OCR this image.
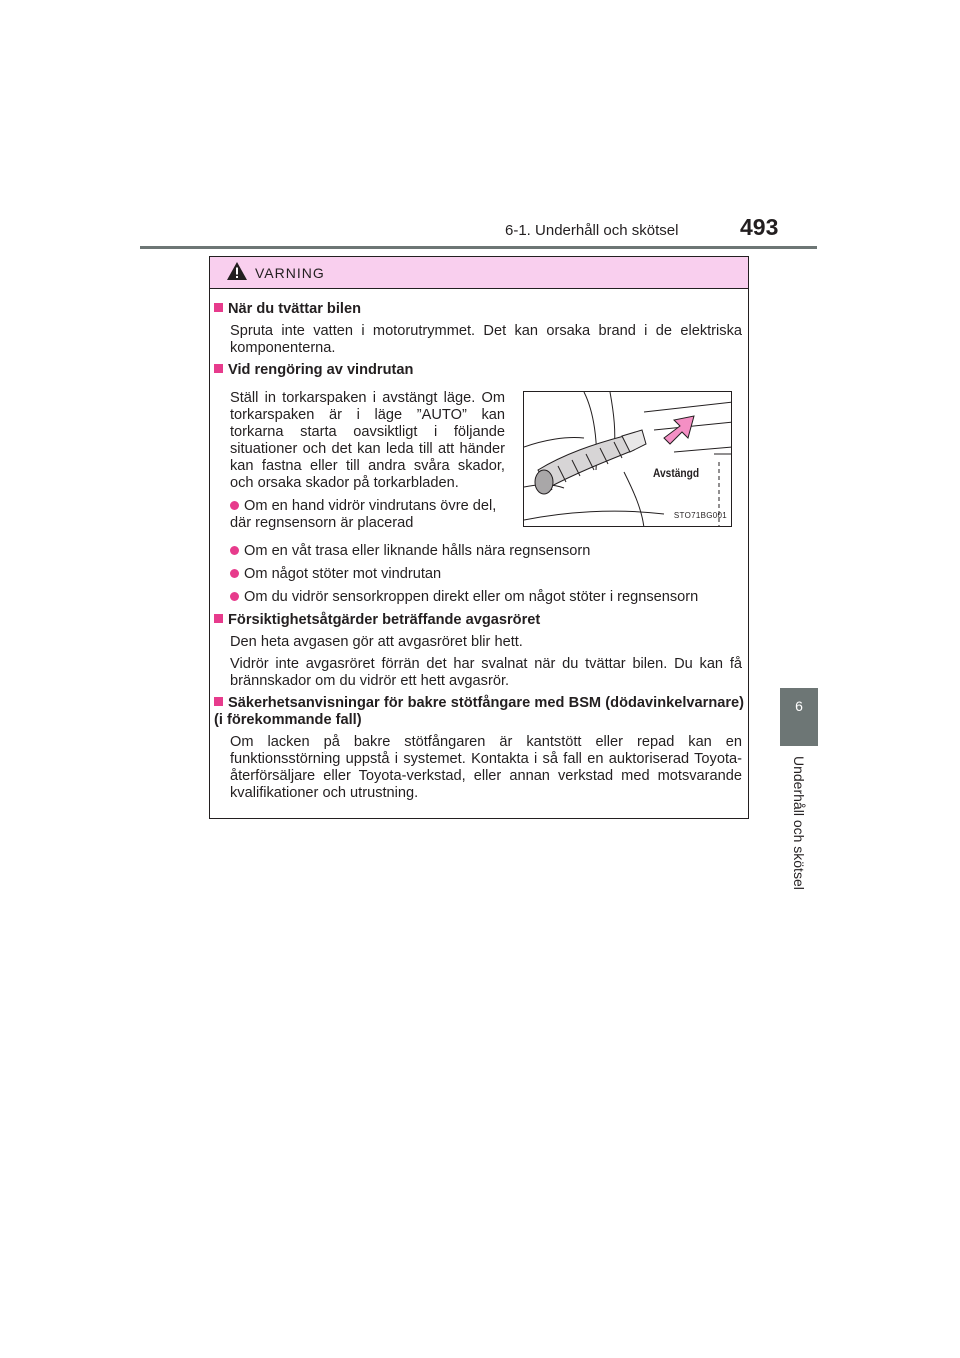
6-1. Underhåll och skötsel	493
6
Underhåll och skötsel
VARNING
När du tvättar bilen
Spruta inte vatten i motorutrymmet. Det kan orsaka brand i de elektriska komponenterna.
Vid rengöring av vindrutan
Ställ in torkarspaken i avstängt läge. Om torkarspaken är i läge ”AUTO” kan torkarna starta oavsiktligt i följande situationer och det kan leda till att händer kan fastna eller till andra svåra skador, och orsaka skador på torkarbladen.
Om en hand vidrör vindrutans övre del, där regnsensorn är placerad
Avstängd
STO71BG001
Om en våt trasa eller liknande hålls nära regnsensorn
Om något stöter mot vindrutan
Om du vidrör sensorkroppen direkt eller om något stöter i regnsensorn
Försiktighetsåtgärder beträffande avgasröret
Den heta avgasen gör att avgasröret blir hett.
Vidrör inte avgasröret förrän det har svalnat när du tvättar bilen. Du kan få brännskador om du vidrör ett hett avgasrör.
Säkerhetsanvisningar för bakre stötfångare med BSM (dödavinkelvarnare) (i förekommande fall)
Om lacken på bakre stötfångaren är kantstött eller repad kan en funktionsstörning uppstå i systemet. Kontakta i så fall en auktoriserad Toyota-återförsäljare eller Toyota-verkstad, eller annan verkstad med motsvarande kvalifikationer och utrustning.
